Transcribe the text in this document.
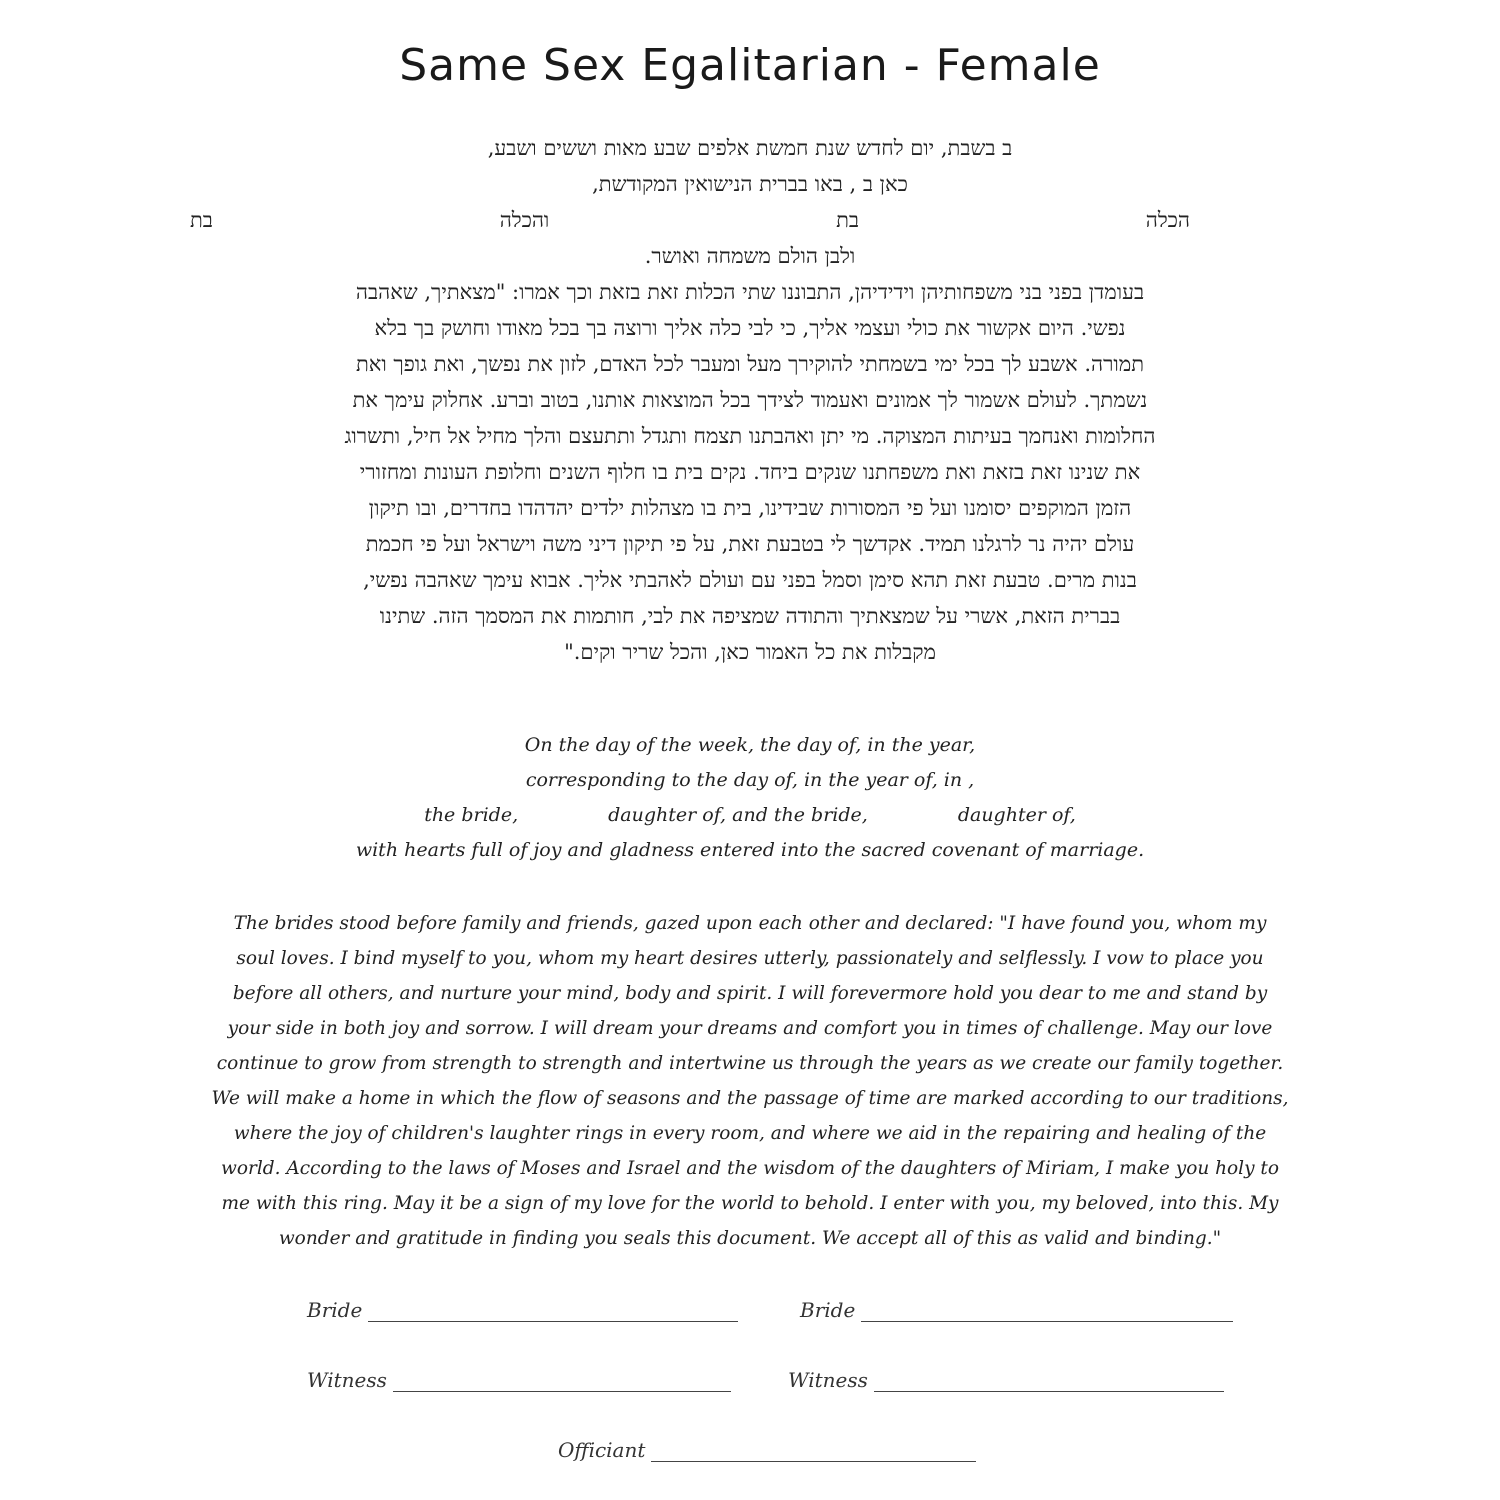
Same Sex Egalitarian - Female
ב בשבת, יום לחדש שנת חמשת אלפים שבע מאות וששים ושבע,
כאן ב , באו בברית הנישואין המקודשת,
הכלה
בת
והכלה
בת
ולבן הולם משמחה ואושר.
בעומדן בפני בני משפחותיהן וידידיהן, התבוננו שתי הכלות זאת בזאת וכך אמרו: "מצאתיך, שאהבה
נפשי. היום אקשור את כולי ועצמי אליך, כי לבי כלה אליך ורוצה בך בכל מאודו וחושק בך בלא
תמורה. אשבע לך בכל ימי בשמחתי להוקירך מעל ומעבר לכל האדם, לזון את נפשך, ואת גופך ואת
נשמתך. לעולם אשמור לך אמונים ואעמוד לצידך בכל המוצאות אותנו, בטוב וברע. אחלוק עימך את
החלומות ואנחמך בעיתות המצוקה. מי יתן ואהבתנו תצמח ותגדל ותתעצם והלך מחיל אל חיל, ותשרוג
את שנינו זאת בזאת ואת משפחתנו שנקים ביחד. נקים בית בו חלוף השנים וחלופת העונות ומחזורי
הזמן המוקפים יסומנו ועל פי המסורות שבידינו, בית בו מצהלות ילדים יהדהדו בחדרים, ובו תיקון
עולם יהיה נר לרגלנו תמיד. אקדשך לי בטבעת זאת, על פי תיקון דיני משה וישראל ועל פי חכמת
בנות מרים. טבעת זאת תהא סימן וסמל בפני עם ועולם לאהבתי אליך. אבוא עימך שאהבה נפשי,
בברית הזאת, אשרי על שמצאתיך והתודה שמציפה את לבי, חותמות את המסמך הזה. שתינו
מקבלות את כל האמור כאן, והכל שריר וקים."
On the day of the week, the day of, in the year,
corresponding to the day of, in the year of, in ,
the bride,	daughter of, and the bride,	daughter of,
with hearts full of joy and gladness entered into the sacred covenant of marriage.
The brides stood before family and friends, gazed upon each other and declared: "I have found you, whom my
soul loves. I bind myself to you, whom my heart desires utterly, passionately and selflessly. I vow to place you
before all others, and nurture your mind, body and spirit. I will forevermore hold you dear to me and stand by
your side in both joy and sorrow. I will dream your dreams and comfort you in times of challenge. May our love
continue to grow from strength to strength and intertwine us through the years as we create our family together.
We will make a home in which the flow of seasons and the passage of time are marked according to our traditions,
where the joy of children's laughter rings in every room, and where we aid in the repairing and healing of the
world. According to the laws of Moses and Israel and the wisdom of the daughters of Miriam, I make you holy to
me with this ring. May it be a sign of my love for the world to behold. I enter with you, my beloved, into this. My
wonder and gratitude in finding you seals this document. We accept all of this as valid and binding."
Bride	Bride
Witness	Witness
Officiant
